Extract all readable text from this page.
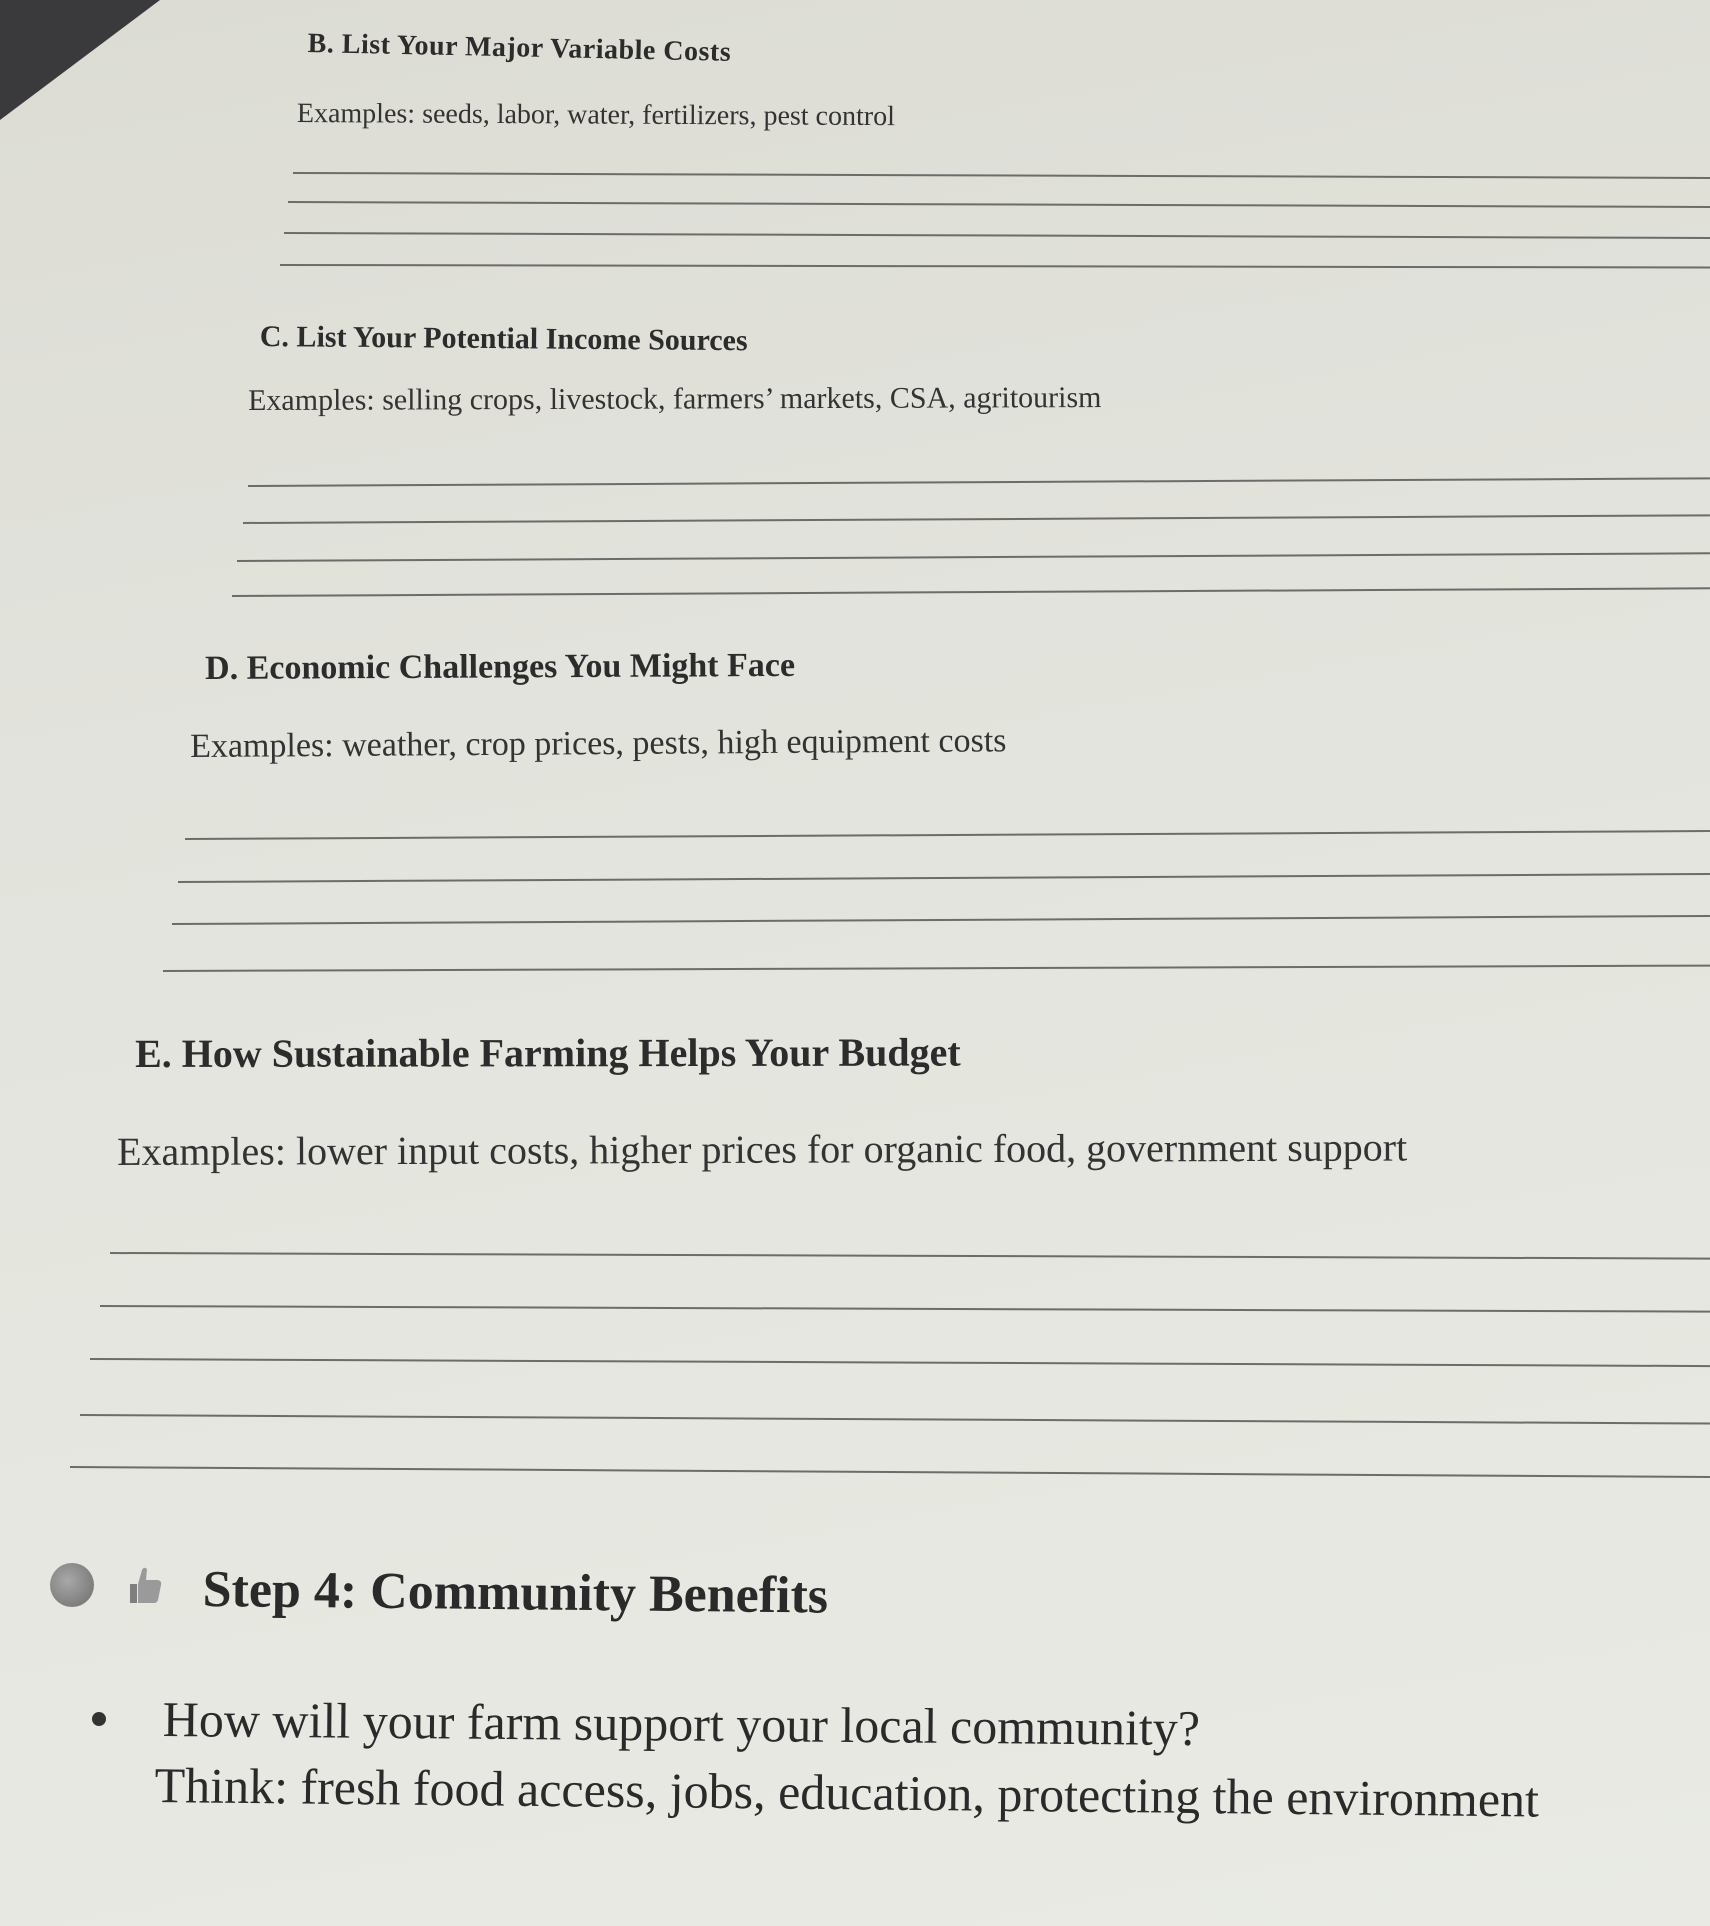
B. List Your Major Variable Costs
Examples: seeds, labor, water, fertilizers, pest control
C. List Your Potential Income Sources
Examples: selling crops, livestock, farmers’ markets, CSA, agritourism
D. Economic Challenges You Might Face
Examples: weather, crop prices, pests, high equipment costs
E. How Sustainable Farming Helps Your Budget
Examples: lower input costs, higher prices for organic food, government support
Step 4: Community Benefits
How will your farm support your local community?
Think: fresh food access, jobs, education, protecting the environment
